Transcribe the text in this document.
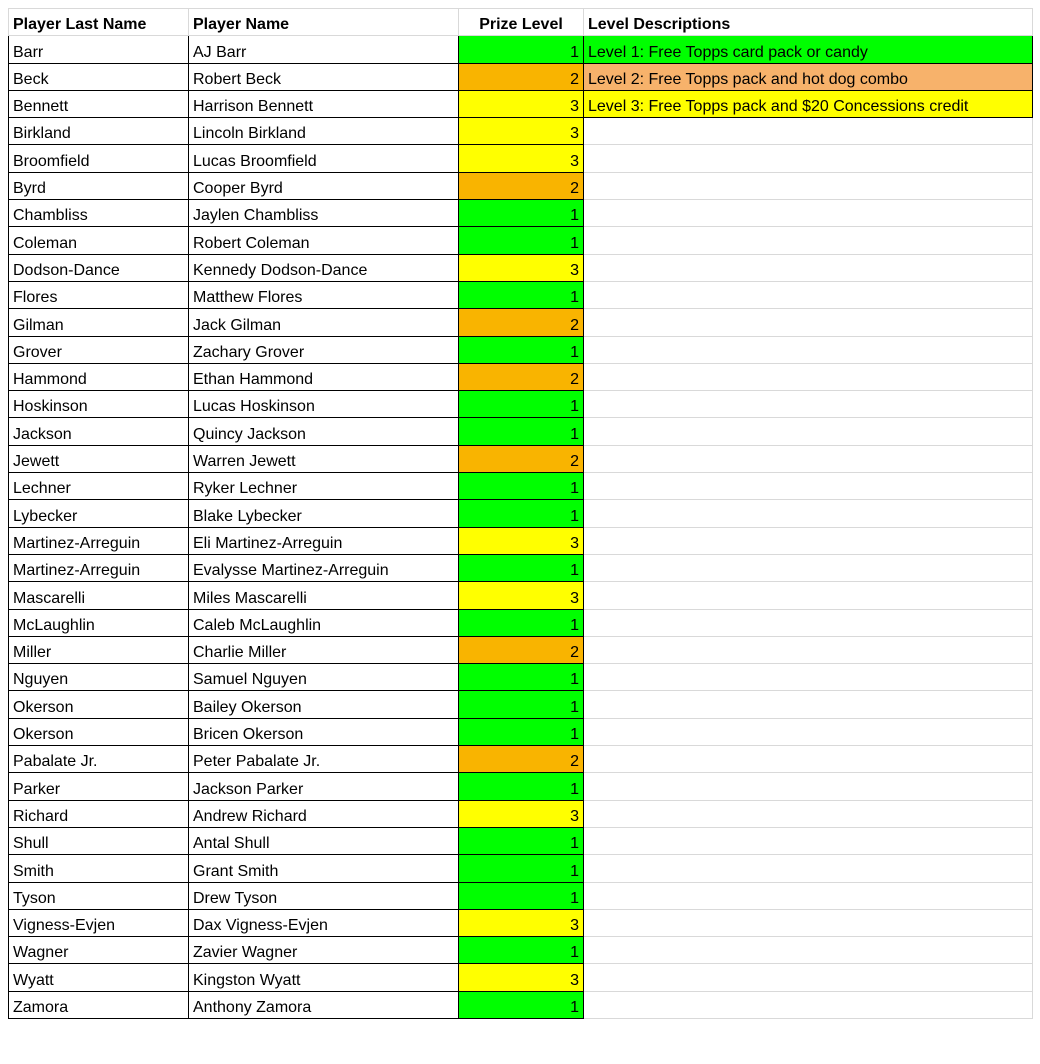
Player Last Name	Player Name	Prize Level	Level Descriptions
Barr	AJ Barr	1	Level 1: Free Topps card pack or candy
Beck	Robert Beck	2	Level 2: Free Topps pack and hot dog combo
Bennett	Harrison Bennett	3	Level 3: Free Topps pack and $20 Concessions credit
Birkland	Lincoln Birkland	3	
Broomfield	Lucas Broomfield	3	
Byrd	Cooper Byrd	2	
Chambliss	Jaylen Chambliss	1	
Coleman	Robert Coleman	1	
Dodson-Dance	Kennedy Dodson-Dance	3	
Flores	Matthew Flores	1	
Gilman	Jack Gilman	2	
Grover	Zachary Grover	1	
Hammond	Ethan Hammond	2	
Hoskinson	Lucas Hoskinson	1	
Jackson	Quincy Jackson	1	
Jewett	Warren Jewett	2	
Lechner	Ryker Lechner	1	
Lybecker	Blake Lybecker	1	
Martinez-Arreguin	Eli Martinez-Arreguin	3	
Martinez-Arreguin	Evalysse Martinez-Arreguin	1	
Mascarelli	Miles Mascarelli	3	
McLaughlin	Caleb McLaughlin	1	
Miller	Charlie Miller	2	
Nguyen	Samuel Nguyen	1	
Okerson	Bailey Okerson	1	
Okerson	Bricen Okerson	1	
Pabalate Jr.	Peter Pabalate Jr.	2	
Parker	Jackson Parker	1	
Richard	Andrew Richard	3	
Shull	Antal Shull	1	
Smith	Grant Smith	1	
Tyson	Drew Tyson	1	
Vigness-Evjen	Dax Vigness-Evjen	3	
Wagner	Zavier Wagner	1	
Wyatt	Kingston Wyatt	3	
Zamora	Anthony Zamora	1	
